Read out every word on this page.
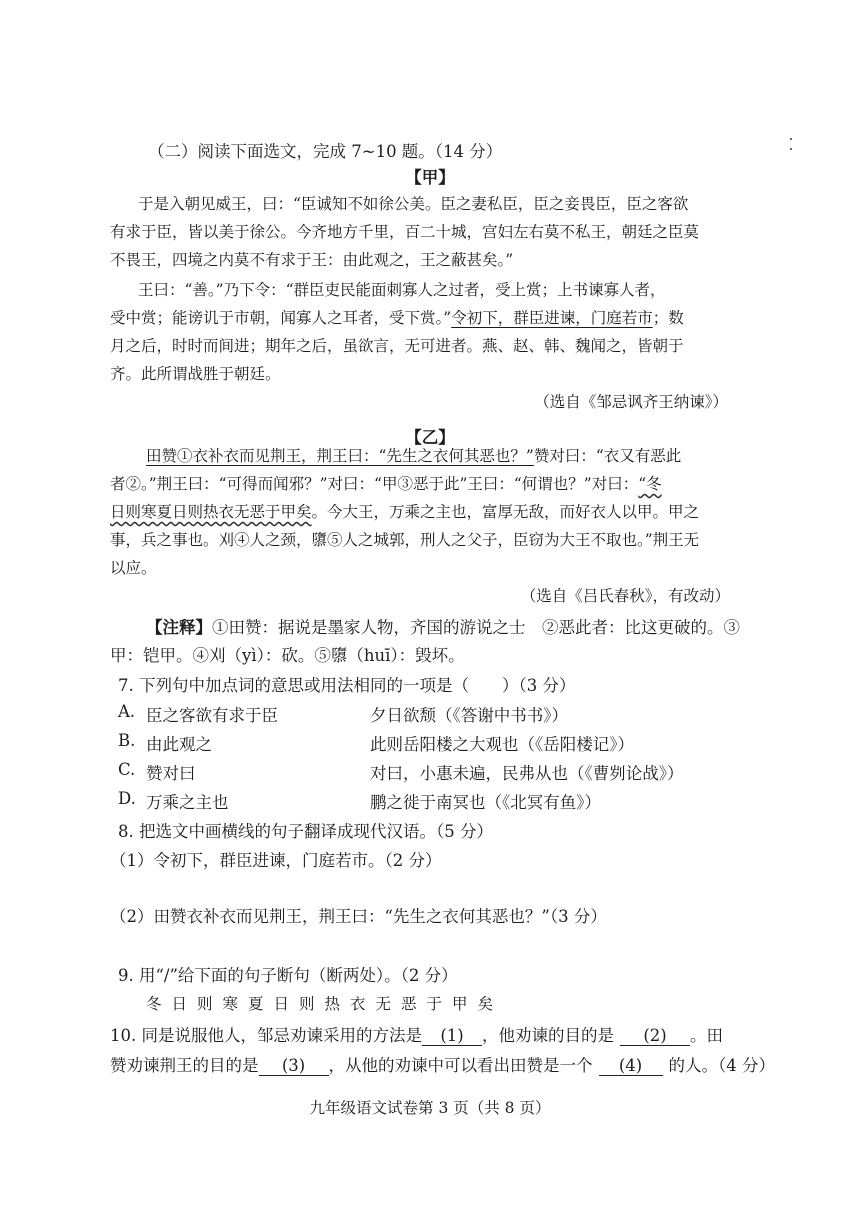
（二）阅读下面选文，完成 7~10 题。（14 分）
【甲】
于是入朝见威王，曰：“臣诚知不如徐公美。臣之妻私臣，臣之妾畏臣，臣之客欲
有求于臣，皆以美于徐公。今齐地方千里，百二十城，宫妇左右莫不私王，朝廷之臣莫
不畏王，四境之内莫不有求于王：由此观之，王之蔽甚矣。”
王曰：“善。”乃下令：“群臣吏民能面刺寡人之过者，受上赏；上书谏寡人者，
受中赏；能谤讥于市朝，闻寡人之耳者，受下赏。”令初下，群臣进谏，门庭若市；数
月之后，时时而间进；期年之后，虽欲言，无可进者。燕、赵、韩、魏闻之，皆朝于
齐。此所谓战胜于朝廷。
（选自《邹忌讽齐王纳谏》）
【乙】
田赞①衣补衣而见荆王，荆王曰：“先生之衣何其恶也？”赞对曰：“衣又有恶此
者②。”荆王曰：“可得而闻邪？”对曰：“甲③恶于此”王曰：“何谓也？”对曰：“冬
日则寒夏日则热衣无恶于甲矣。今大王，万乘之主也，富厚无敌，而好衣人以甲。甲之
事，兵之事也。刈④人之颈，隳⑤人之城郭，刑人之父子，臣窃为大王不取也。”荆王无
以应。
（选自《吕氏春秋》，有改动）
【注释】①田赞：据说是墨家人物，齐国的游说之士　②恶此者：比这更破的。③
甲：铠甲。④刈（yì）：砍。⑤隳（huī）：毁坏。
7. 下列句中加点词的意思或用法相同的一项是（　　）（3 分）
A. 臣之客欲有求于臣	夕日欲颓（《答谢中书书》）
B. 由此观之	此则岳阳楼之大观也（《岳阳楼记》）
C. 赞对曰	对曰，小惠未遍，民弗从也（《曹刿论战》）
D. 万乘之主也	鹏之徙于南冥也（《北冥有鱼》）
8. 把选文中画横线的句子翻译成现代汉语。（5 分）
（1）令初下，群臣进谏，门庭若市。（2 分）
（2）田赞衣补衣而见荆王，荆王曰：“先生之衣何其恶也？”（3 分）
9. 用“/”给下面的句子断句（断两处）。（2 分）
冬日则寒夏日则热衣无恶于甲矣
10. 同是说服他人，邹忌劝谏采用的方法是 (1) ，他劝谏的目的是 (2) 。田
赞劝谏荆王的目的是 (3) ，从他的劝谏中可以看出田赞是一个 (4) 的人。（4 分）
九年级语文试卷第 3 页（共 8 页）
